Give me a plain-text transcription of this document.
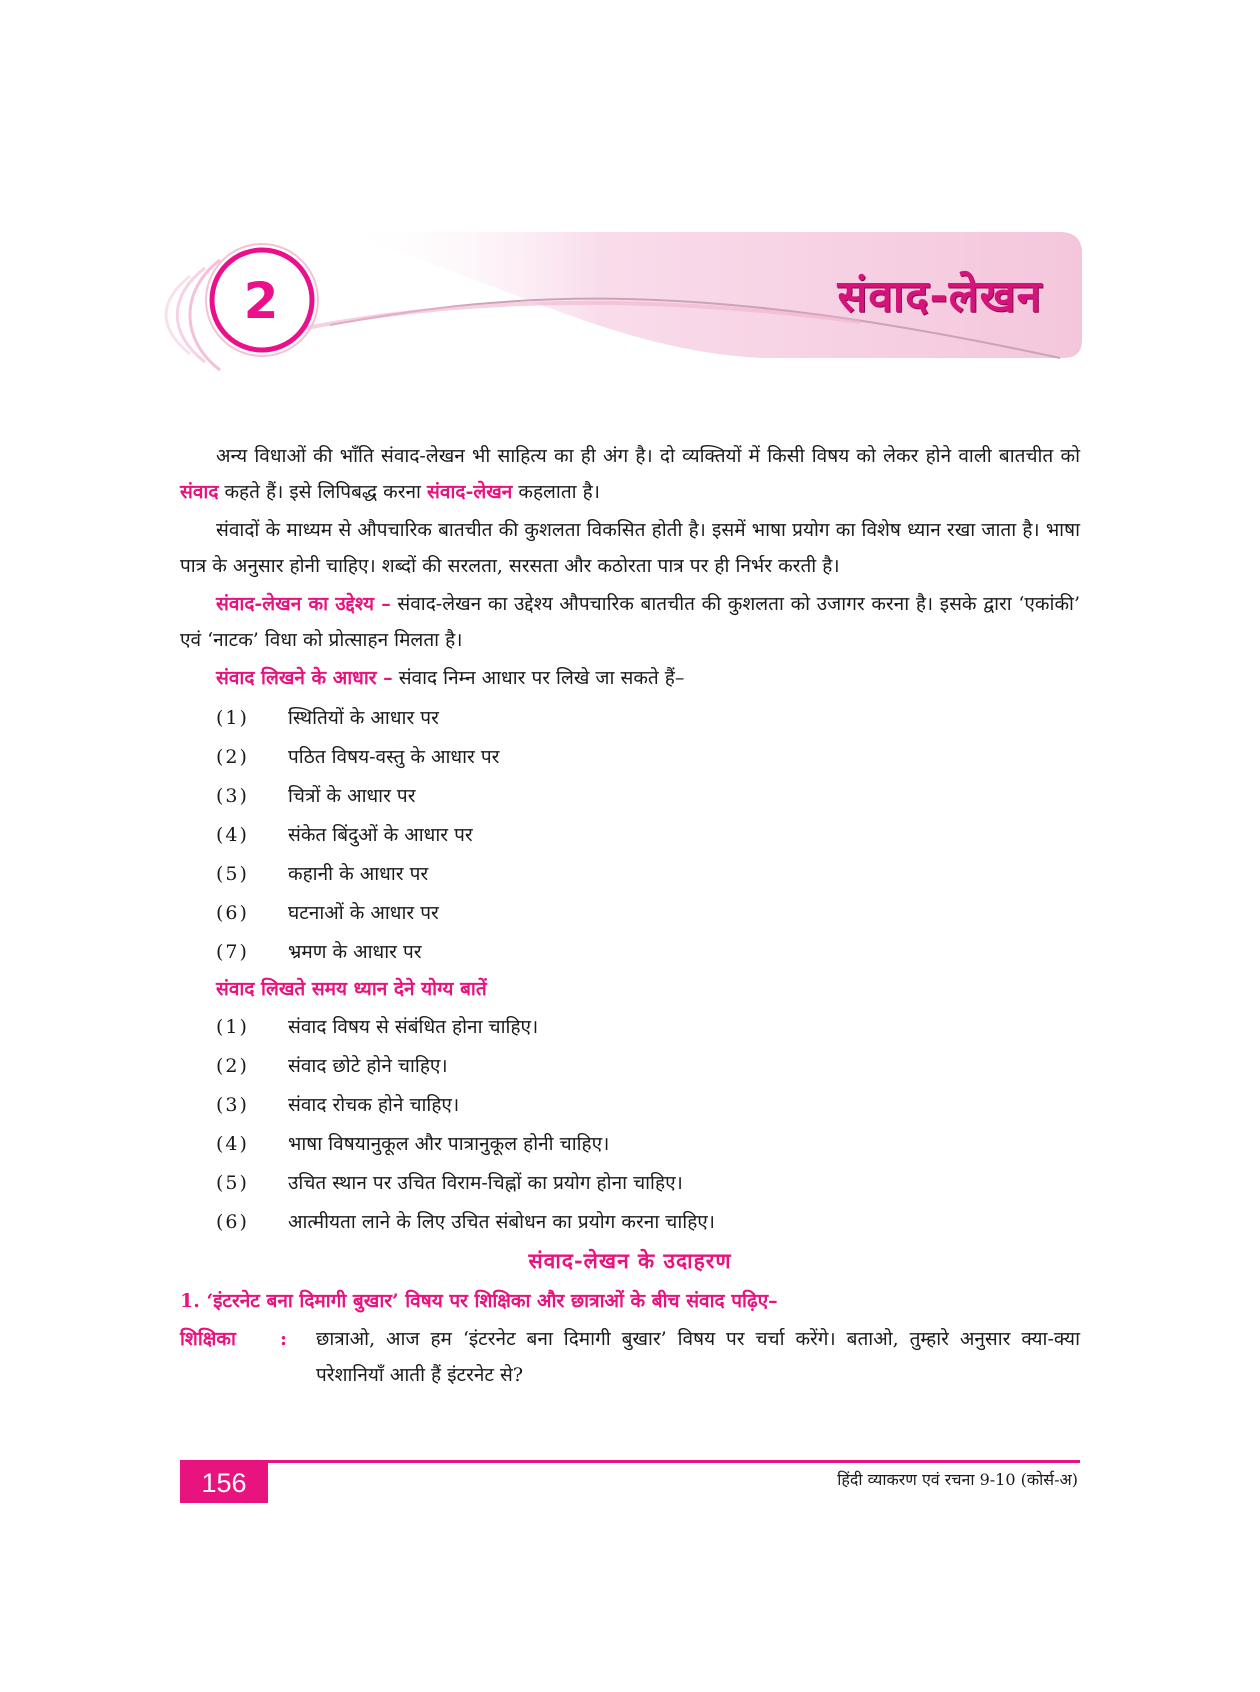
2	संवाद-लेखन

अन्य विधाओं की भाँति संवाद-लेखन भी साहित्य का ही अंग है। दो व्यक्तियों में किसी विषय को लेकर होने वाली बातचीत को संवाद कहते हैं। इसे लिपिबद्ध करना संवाद-लेखन कहलाता है।

संवादों के माध्यम से औपचारिक बातचीत की कुशलता विकसित होती है। इसमें भाषा प्रयोग का विशेष ध्यान रखा जाता है। भाषा पात्र के अनुसार होनी चाहिए। शब्दों की सरलता, सरसता और कठोरता पात्र पर ही निर्भर करती है।

संवाद-लेखन का उद्देश्य – संवाद-लेखन का उद्देश्य औपचारिक बातचीत की कुशलता को उजागर करना है। इसके द्वारा ‘एकांकी’ एवं ‘नाटक’ विधा को प्रोत्साहन मिलता है।

संवाद लिखने के आधार – संवाद निम्न आधार पर लिखे जा सकते हैं–

(1)	स्थितियों के आधार पर
(2)	पठित विषय-वस्तु के आधार पर
(3)	चित्रों के आधार पर
(4)	संकेत बिंदुओं के आधार पर
(5)	कहानी के आधार पर
(6)	घटनाओं के आधार पर
(7)	भ्रमण के आधार पर

संवाद लिखते समय ध्यान देने योग्य बातें

(1)	संवाद विषय से संबंधित होना चाहिए।
(2)	संवाद छोटे होने चाहिए।
(3)	संवाद रोचक होने चाहिए।
(4)	भाषा विषयानुकूल और पात्रानुकूल होनी चाहिए।
(5)	उचित स्थान पर उचित विराम-चिह्नों का प्रयोग होना चाहिए।
(6)	आत्मीयता लाने के लिए उचित संबोधन का प्रयोग करना चाहिए।

संवाद-लेखन के उदाहरण

1. ‘इंटरनेट बना दिमागी बुखार’ विषय पर शिक्षिका और छात्राओं के बीच संवाद पढ़िए–

शिक्षिका	:	छात्राओ, आज हम ‘इंटरनेट बना दिमागी बुखार’ विषय पर चर्चा करेंगे। बताओ, तुम्हारे अनुसार क्या-क्या परेशानियाँ आती हैं इंटरनेट से?
156	हिंदी व्याकरण एवं रचना 9-10 (कोर्स-अ)
